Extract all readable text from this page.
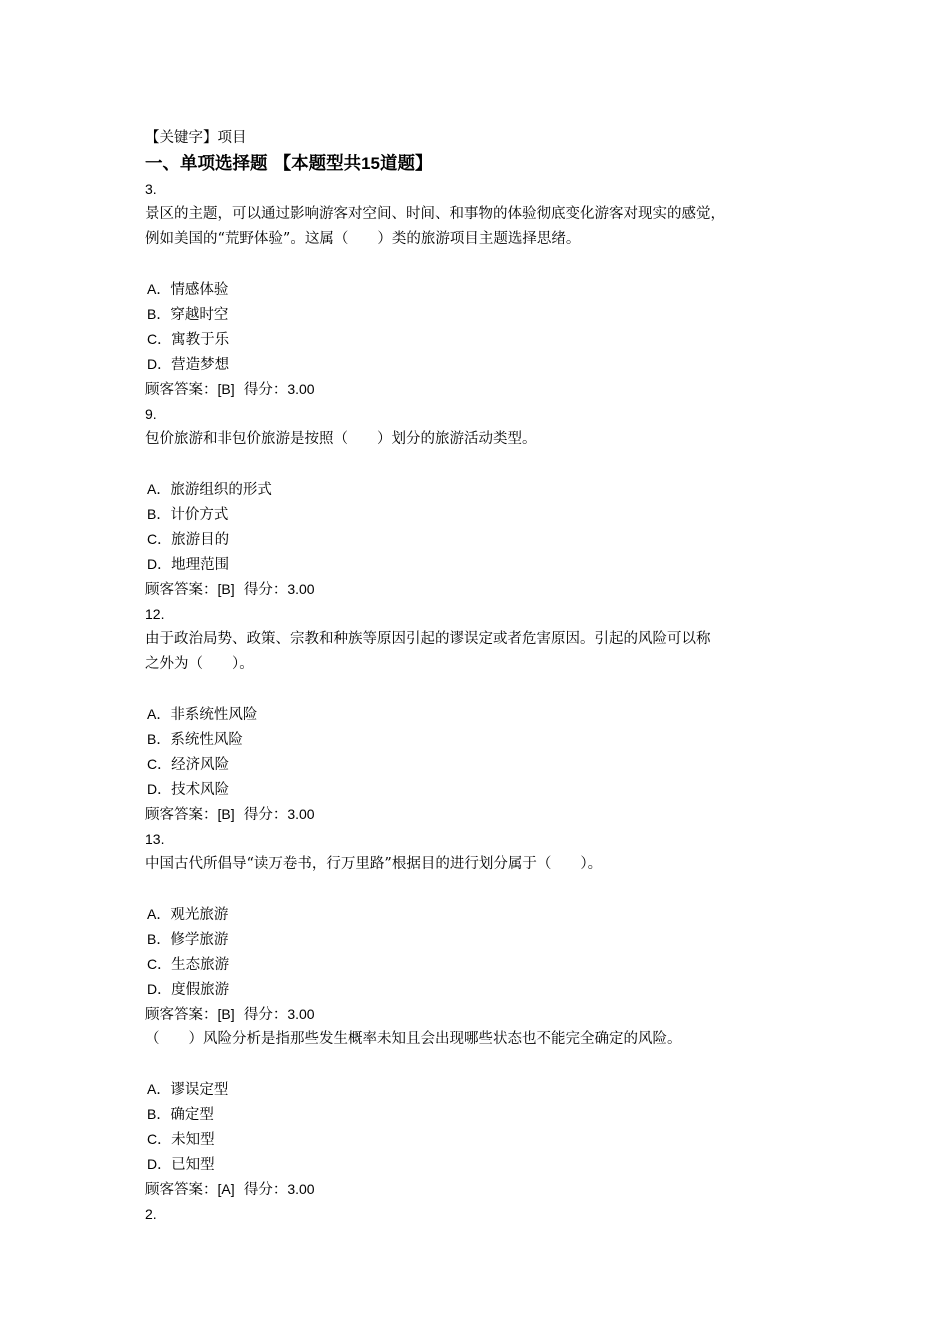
【关键字】项目
一、单项选择题 【本题型共15道题】
3.
景区的主题，可以通过影响游客对空间、时间、和事物的体验彻底变化游客对现实的感觉，
例如美国的“荒野体验”。这属（　　）类的旅游项目主题选择思绪。
A．情感体验
B．穿越时空
C．寓教于乐
D．营造梦想
顾客答案：[B] 得分：3.00
9.
包价旅游和非包价旅游是按照（　　）划分的旅游活动类型。
A．旅游组织的形式
B．计价方式
C．旅游目的
D．地理范围
顾客答案：[B] 得分：3.00
12.
由于政治局势、政策、宗教和种族等原因引起的谬误定或者危害原因。引起的风险可以称
之外为（　　）。
A．非系统性风险
B．系统性风险
C．经济风险
D．技术风险
顾客答案：[B] 得分：3.00
13.
中国古代所倡导“读万卷书，行万里路”根据目的进行划分属于（　　）。
A．观光旅游
B．修学旅游
C．生态旅游
D．度假旅游
顾客答案：[B] 得分：3.00
（　　）风险分析是指那些发生概率未知且会出现哪些状态也不能完全确定的风险。
A．谬误定型
B．确定型
C．未知型
D．已知型
顾客答案：[A] 得分：3.00
2.
